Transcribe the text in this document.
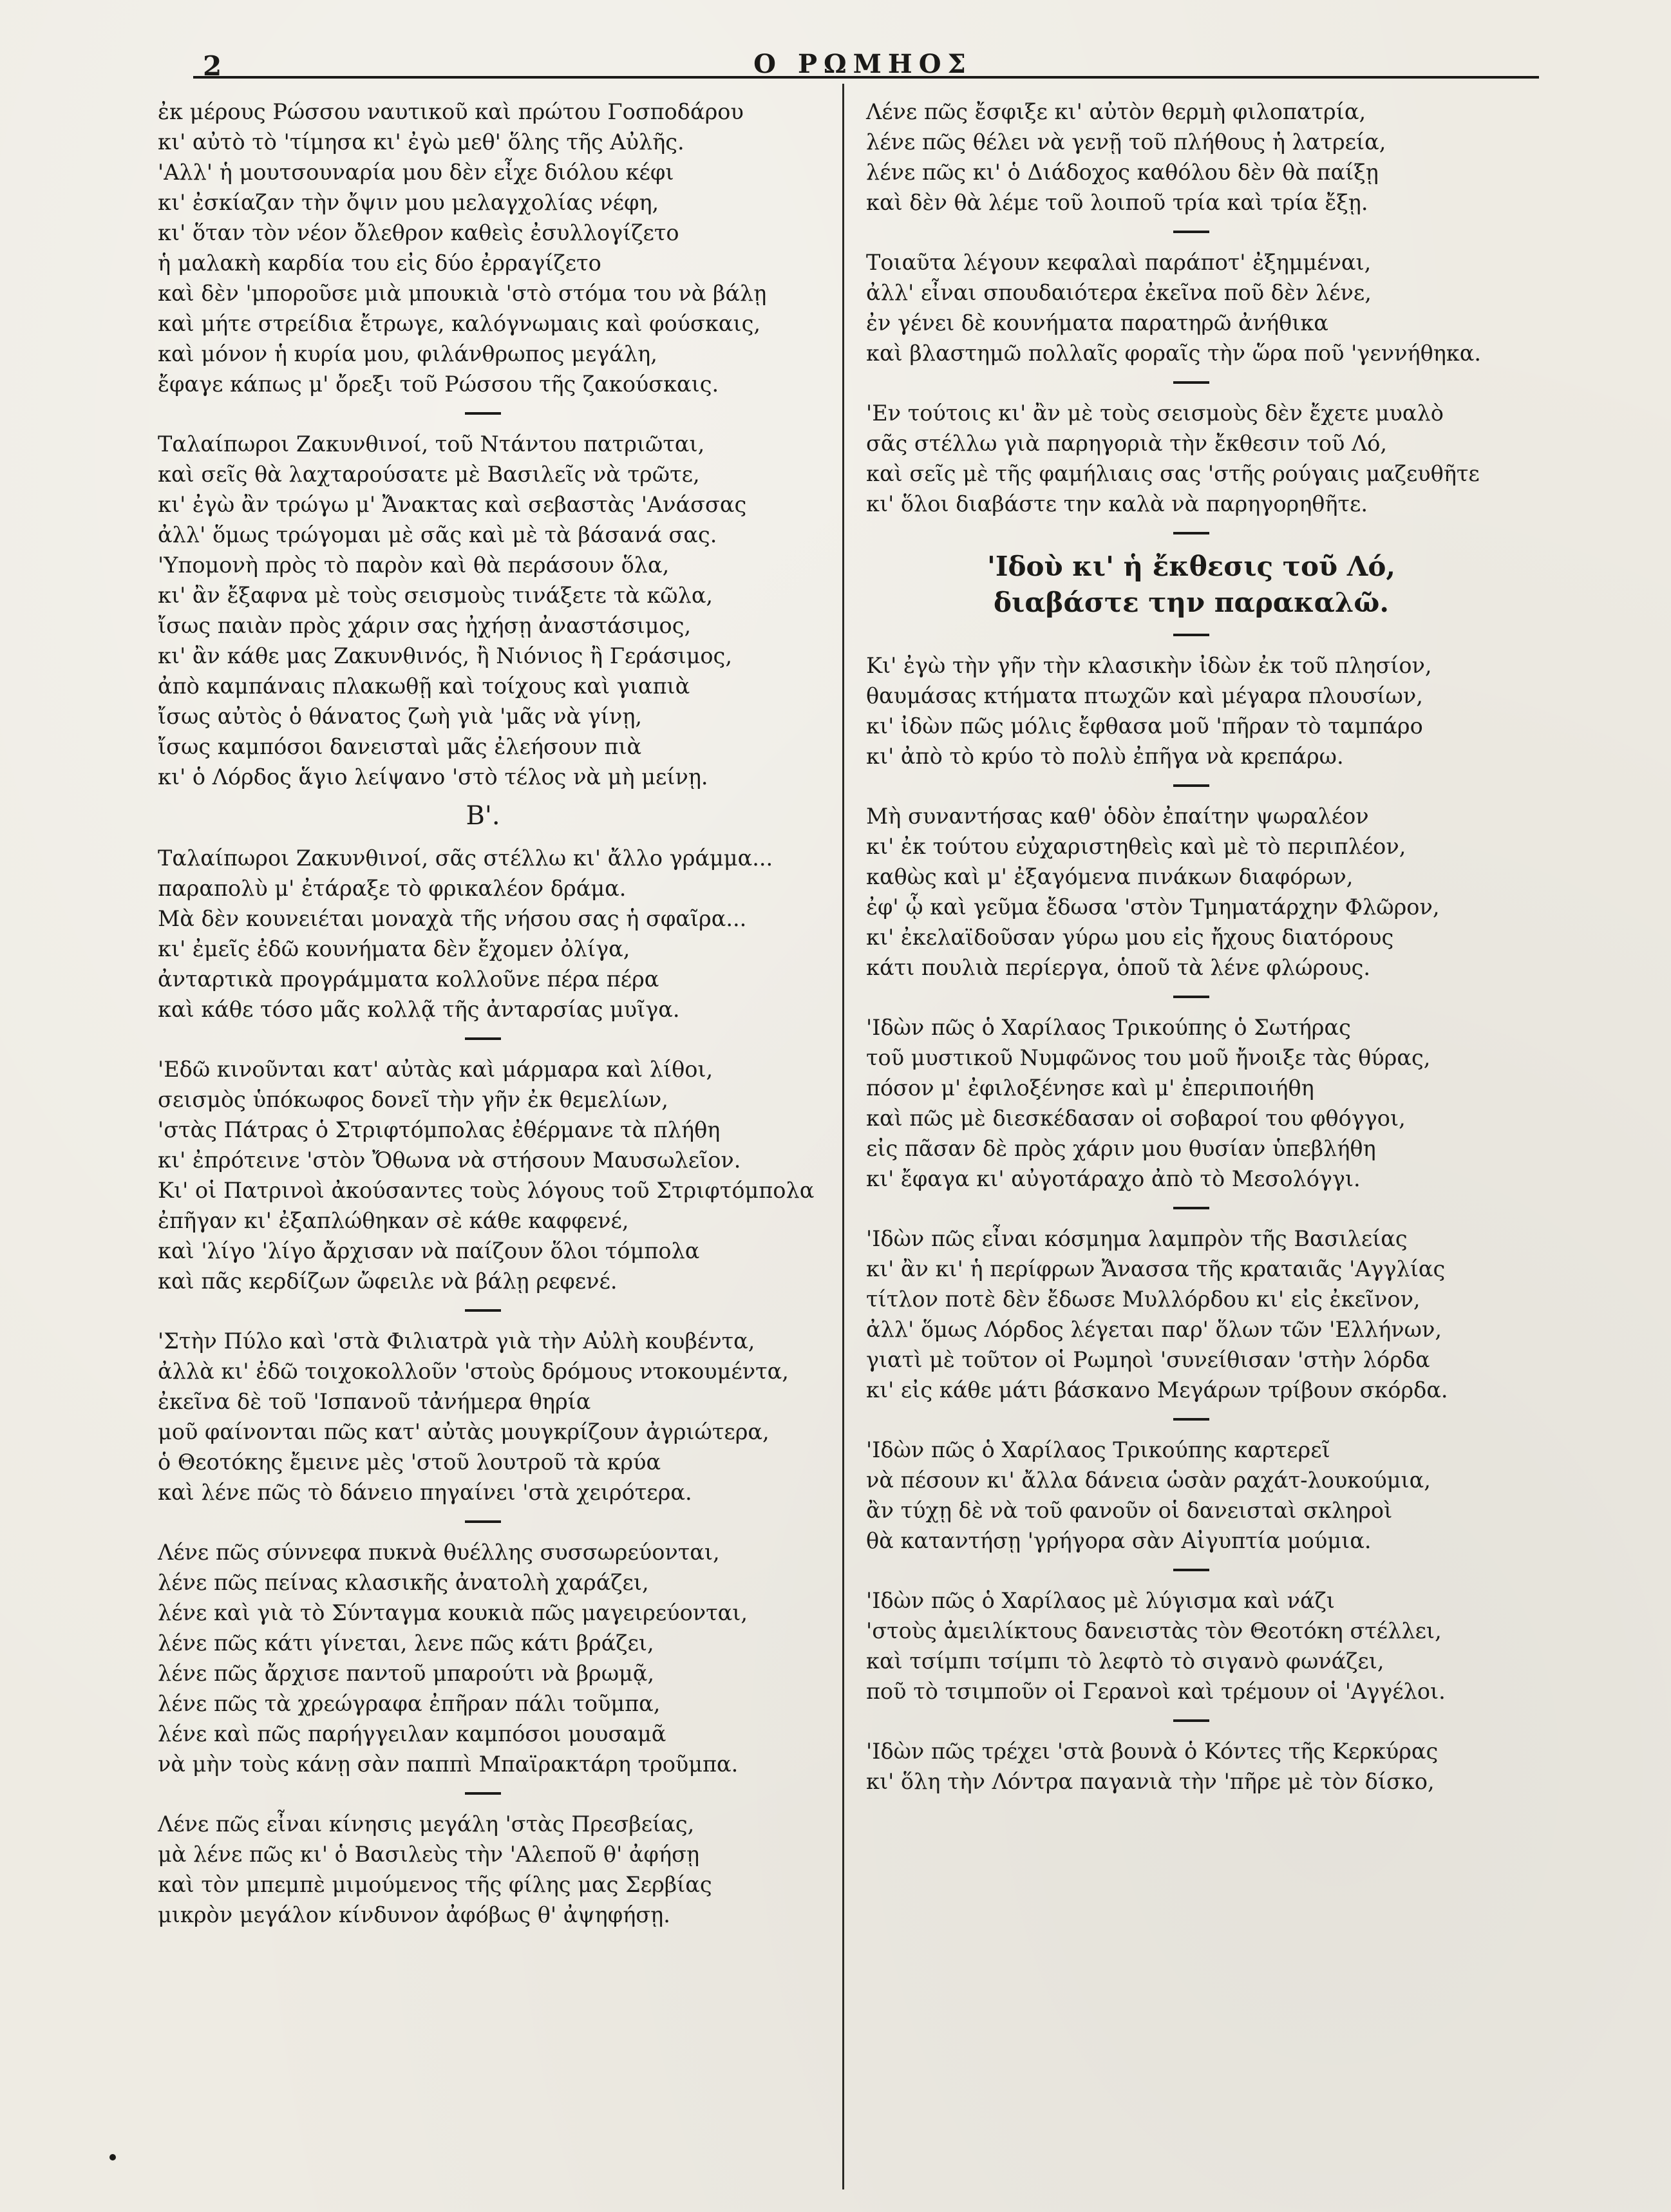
2	Ο ΡΩΜΗΟΣ
ἐκ μέρους Ρώσσου ναυτικοῦ καὶ πρώτου Γοσποδάρου
κι' αὐτὸ τὸ 'τίμησα κι' ἐγὼ μεθ' ὅλης τῆς Αὐλῆς.
'Αλλ' ἡ μουτσουναρία μου δὲν εἶχε διόλου κέφι
κι' ἐσκίαζαν τὴν ὄψιν μου μελαγχολίας νέφη,
κι' ὅταν τὸν νέον ὄλεθρον καθεὶς ἐσυλλογίζετο
ἡ μαλακὴ καρδία του εἰς δύο ἐρραγίζετο
καὶ δὲν 'μποροῦσε μιὰ μπουκιὰ 'στὸ στόμα του νὰ βάλῃ
καὶ μήτε στρείδια ἔτρωγε, καλόγνωμαις καὶ φούσκαις,
καὶ μόνον ἡ κυρία μου, φιλάνθρωπος μεγάλη,
ἔφαγε κάπως μ' ὄρεξι τοῦ Ρώσσου τῆς ζακούσκαις.
Ταλαίπωροι Ζακυνθινοί, τοῦ Ντάντου πατριῶται,
καὶ σεῖς θὰ λαχταρούσατε μὲ Βασιλεῖς νὰ τρῶτε,
κι' ἐγὼ ἂν τρώγω μ' Ἄνακτας καὶ σεβαστὰς 'Ανάσσας
ἀλλ' ὅμως τρώγομαι μὲ σᾶς καὶ μὲ τὰ βάσανά σας.
'Υπομονὴ πρὸς τὸ παρὸν καὶ θὰ περάσουν ὅλα,
κι' ἂν ἔξαφνα μὲ τοὺς σεισμοὺς τινάξετε τὰ κῶλα,
ἴσως παιὰν πρὸς χάριν σας ἠχήσῃ ἀναστάσιμος,
κι' ἂν κάθε μας Ζακυνθινός, ἢ Νιόνιος ἢ Γεράσιμος,
ἀπὸ καμπάναις πλακωθῇ καὶ τοίχους καὶ γιαπιὰ
ἴσως αὐτὸς ὁ θάνατος ζωὴ γιὰ 'μᾶς νὰ γίνῃ,
ἴσως καμπόσοι δανεισταὶ μᾶς ἐλεήσουν πιὰ
κι' ὁ Λόρδος ἅγιο λείψανο 'στὸ τέλος νὰ μὴ μείνῃ.
Β'.
Ταλαίπωροι Ζακυνθινοί, σᾶς στέλλω κι' ἄλλο γράμμα...
παραπολὺ μ' ἐτάραξε τὸ φρικαλέον δράμα.
Μὰ δὲν κουνειέται μοναχὰ τῆς νήσου σας ἡ σφαῖρα...
κι' ἐμεῖς ἐδῶ κουνήματα δὲν ἔχομεν ὀλίγα,
ἀνταρτικὰ προγράμματα κολλοῦνε πέρα πέρα
καὶ κάθε τόσο μᾶς κολλᾷ τῆς ἀνταρσίας μυῖγα.
'Εδῶ κινοῦνται κατ' αὐτὰς καὶ μάρμαρα καὶ λίθοι,
σεισμὸς ὑπόκωφος δονεῖ τὴν γῆν ἐκ θεμελίων,
'στὰς Πάτρας ὁ Στριφτόμπολας ἐθέρμανε τὰ πλήθη
κι' ἐπρότεινε 'στὸν Ὄθωνα νὰ στήσουν Μαυσωλεῖον.
Κι' οἱ Πατρινοὶ ἀκούσαντες τοὺς λόγους τοῦ Στριφτόμπολα
ἐπῆγαν κι' ἐξαπλώθηκαν σὲ κάθε καφφενέ,
καὶ 'λίγο 'λίγο ἄρχισαν νὰ παίζουν ὅλοι τόμπολα
καὶ πᾶς κερδίζων ὤφειλε νὰ βάλῃ ρεφενέ.
'Στὴν Πύλο καὶ 'στὰ Φιλιατρὰ γιὰ τὴν Αὐλὴ κουβέντα,
ἀλλὰ κι' ἐδῶ τοιχοκολλοῦν 'στοὺς δρόμους ντοκουμέντα,
ἐκεῖνα δὲ τοῦ 'Ισπανοῦ τἀνήμερα θηρία
μοῦ φαίνονται πῶς κατ' αὐτὰς μουγκρίζουν ἀγριώτερα,
ὁ Θεοτόκης ἔμεινε μὲς 'στοῦ λουτροῦ τὰ κρύα
καὶ λένε πῶς τὸ δάνειο πηγαίνει 'στὰ χειρότερα.
Λένε πῶς σύννεφα πυκνὰ θυέλλης συσσωρεύονται,
λένε πῶς πείνας κλασικῆς ἀνατολὴ χαράζει,
λένε καὶ γιὰ τὸ Σύνταγμα κουκιὰ πῶς μαγειρεύονται,
λένε πῶς κάτι γίνεται, λενε πῶς κάτι βράζει,
λένε πῶς ἄρχισε παντοῦ μπαρούτι νὰ βρωμᾷ,
λένε πῶς τὰ χρεώγραφα ἐπῆραν πάλι τοῦμπα,
λένε καὶ πῶς παρήγγειλαν καμπόσοι μουσαμᾶ
νὰ μὴν τοὺς κάνῃ σὰν παππὶ Μπαϊρακτάρη τροῦμπα.
Λένε πῶς εἶναι κίνησις μεγάλη 'στὰς Πρεσβείας,
μὰ λένε πῶς κι' ὁ Βασιλεὺς τὴν 'Αλεποῦ θ' ἀφήσῃ
καὶ τὸν μπεμπὲ μιμούμενος τῆς φίλης μας Σερβίας
μικρὸν μεγάλον κίνδυνον ἀφόβως θ' ἀψηφήσῃ.
Λένε πῶς ἔσφιξε κι' αὐτὸν θερμὴ φιλοπατρία,
λένε πῶς θέλει νὰ γενῇ τοῦ πλήθους ἡ λατρεία,
λένε πῶς κι' ὁ Διάδοχος καθόλου δὲν θὰ παίξῃ
καὶ δὲν θὰ λέμε τοῦ λοιποῦ τρία καὶ τρία ἔξῃ.
Τοιαῦτα λέγουν κεφαλαὶ παράποτ' ἐξημμέναι,
ἀλλ' εἶναι σπουδαιότερα ἐκεῖνα ποῦ δὲν λένε,
ἐν γένει δὲ κουνήματα παρατηρῶ ἀνήθικα
καὶ βλαστημῶ πολλαῖς φοραῖς τὴν ὥρα ποῦ 'γεννήθηκα.
'Εν τούτοις κι' ἂν μὲ τοὺς σεισμοὺς δὲν ἔχετε μυαλὸ
σᾶς στέλλω γιὰ παρηγοριὰ τὴν ἔκθεσιν τοῦ Λό,
καὶ σεῖς μὲ τῆς φαμήλιαις σας 'στῆς ρούγαις μαζευθῆτε
κι' ὅλοι διαβάστε την καλὰ νὰ παρηγορηθῆτε.
'Ιδοὺ κι' ἡ ἔκθεσις τοῦ Λό,
διαβάστε την παρακαλῶ.
Κι' ἐγὼ τὴν γῆν τὴν κλασικὴν ἰδὼν ἐκ τοῦ πλησίον,
θαυμάσας κτήματα πτωχῶν καὶ μέγαρα πλουσίων,
κι' ἰδὼν πῶς μόλις ἔφθασα μοῦ 'πῆραν τὸ ταμπάρο
κι' ἀπὸ τὸ κρύο τὸ πολὺ ἐπῆγα νὰ κρεπάρω.
Μὴ συναντήσας καθ' ὁδὸν ἐπαίτην ψωραλέον
κι' ἐκ τούτου εὐχαριστηθεὶς καὶ μὲ τὸ περιπλέον,
καθὼς καὶ μ' ἐξαγόμενα πινάκων διαφόρων,
ἐφ' ᾧ καὶ γεῦμα ἔδωσα 'στὸν Τμηματάρχην Φλῶρον,
κι' ἐκελαϊδοῦσαν γύρω μου εἰς ἤχους διατόρους
κάτι πουλιὰ περίεργα, ὁποῦ τὰ λένε φλώρους.
'Ιδὼν πῶς ὁ Χαρίλαος Τρικούπης ὁ Σωτήρας
τοῦ μυστικοῦ Νυμφῶνος του μοῦ ἤνοιξε τὰς θύρας,
πόσον μ' ἐφιλοξένησε καὶ μ' ἐπεριποιήθη
καὶ πῶς μὲ διεσκέδασαν οἱ σοβαροί του φθόγγοι,
εἰς πᾶσαν δὲ πρὸς χάριν μου θυσίαν ὑπεβλήθη
κι' ἔφαγα κι' αὐγοτάραχο ἀπὸ τὸ Μεσολόγγι.
'Ιδὼν πῶς εἶναι κόσμημα λαμπρὸν τῆς Βασιλείας
κι' ἂν κι' ἡ περίφρων Ἄνασσα τῆς κραταιᾶς 'Αγγλίας
τίτλον ποτὲ δὲν ἔδωσε Μυλλόρδου κι' εἰς ἐκεῖνον,
ἀλλ' ὅμως Λόρδος λέγεται παρ' ὅλων τῶν 'Ελλήνων,
γιατὶ μὲ τοῦτον οἱ Ρωμηοὶ 'συνείθισαν 'στὴν λόρδα
κι' εἰς κάθε μάτι βάσκανο Μεγάρων τρίβουν σκόρδα.
'Ιδὼν πῶς ὁ Χαρίλαος Τρικούπης καρτερεῖ
νὰ πέσουν κι' ἄλλα δάνεια ὡσὰν ραχάτ-λουκούμια,
ἂν τύχῃ δὲ νὰ τοῦ φανοῦν οἱ δανεισταὶ σκληροὶ
θὰ καταντήσῃ 'γρήγορα σὰν Αἰγυπτία μούμια.
'Ιδὼν πῶς ὁ Χαρίλαος μὲ λύγισμα καὶ νάζι
'στοὺς ἀμειλίκτους δανειστὰς τὸν Θεοτόκη στέλλει,
καὶ τσίμπι τσίμπι τὸ λεφτὸ τὸ σιγανὸ φωνάζει,
ποῦ τὸ τσιμποῦν οἱ Γερανοὶ καὶ τρέμουν οἱ 'Αγγέλοι.
'Ιδὼν πῶς τρέχει 'στὰ βουνὰ ὁ Κόντες τῆς Κερκύρας
κι' ὅλη τὴν Λόντρα παγανιὰ τὴν 'πῆρε μὲ τὸν δίσκο,
